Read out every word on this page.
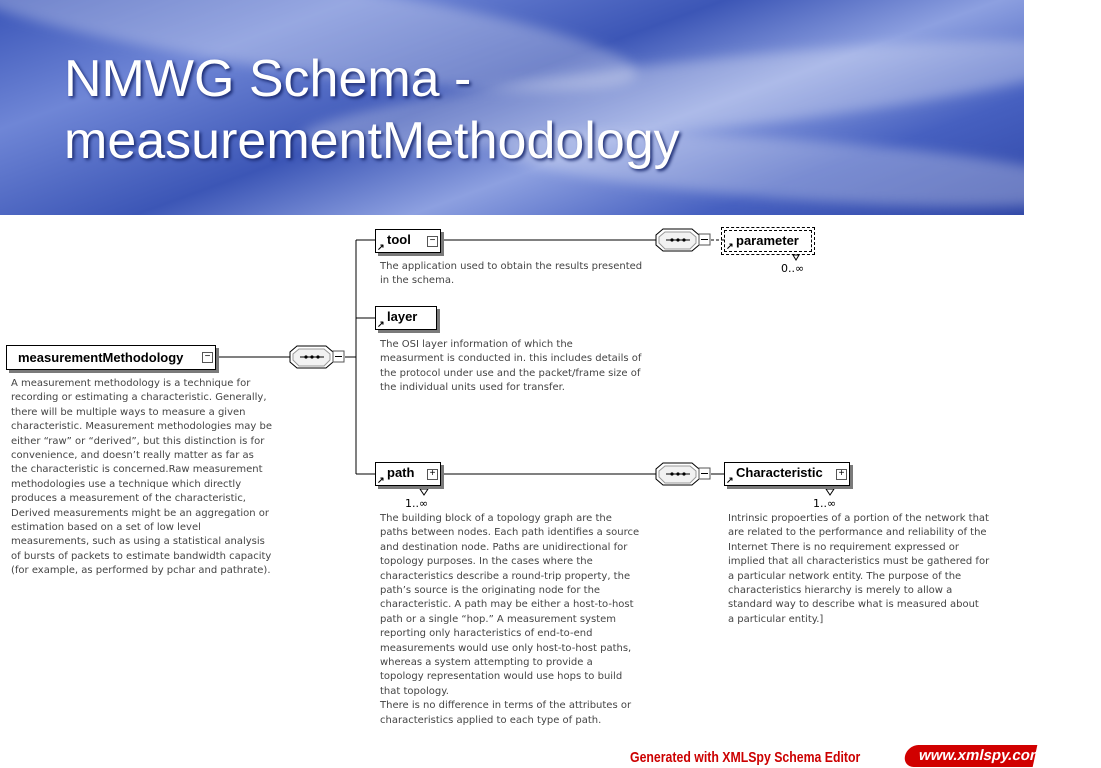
NMWG Schema -
measurementMethodology
measurementMethodology −

A measurement methodology is a technique for
recording or estimating a characteristic. Generally,
there will be multiple ways to measure a given
characteristic. Measurement methodologies may be
either “raw” or “derived”, but this distinction is for
convenience, and doesn’t really matter as far as
the characteristic is concerned.Raw measurement
methodologies use a technique which directly
produces a measurement of the characteristic,
Derived measurements might be an aggregation or
estimation based on a set of low level
measurements, such as using a statistical analysis
of bursts of packets to estimate bandwidth capacity
(for example, as performed by pchar and pathrate).

↗ tool −

The application used to obtain the results presented
in the schema.

↗ parameter
0..∞
↗ layer

The OSI layer information of which the
measurment is conducted in. this includes details of
the protocol under use and the packet/frame size of
the individual units used for transfer.

↗ path +
1..∞

The building block of a topology graph are the
paths between nodes. Each path identifies a source
and destination node. Paths are unidirectional for
topology purposes. In the cases where the
characteristics describe a round-trip property, the
path’s source is the originating node for the
characteristic. A path may be either a host-to-host
path or a single “hop.” A measurement system
reporting only haracteristics of end-to-end
measurements would use only host-to-host paths,
whereas a system attempting to provide a
topology representation would use hops to build
that topology.
There is no difference in terms of the attributes or
characteristics applied to each type of path.

↗ Characteristic +
1..∞

Intrinsic propoerties of a portion of the network that
are related to the performance and reliability of the
Internet There is no requirement expressed or
implied that all characteristics must be gathered for
a particular network entity. The purpose of the
characteristics hierarchy is merely to allow a
standard way to describe what is measured about
a particular entity.]

Generated with XMLSpy Schema Editor	www.xmlspy.com
